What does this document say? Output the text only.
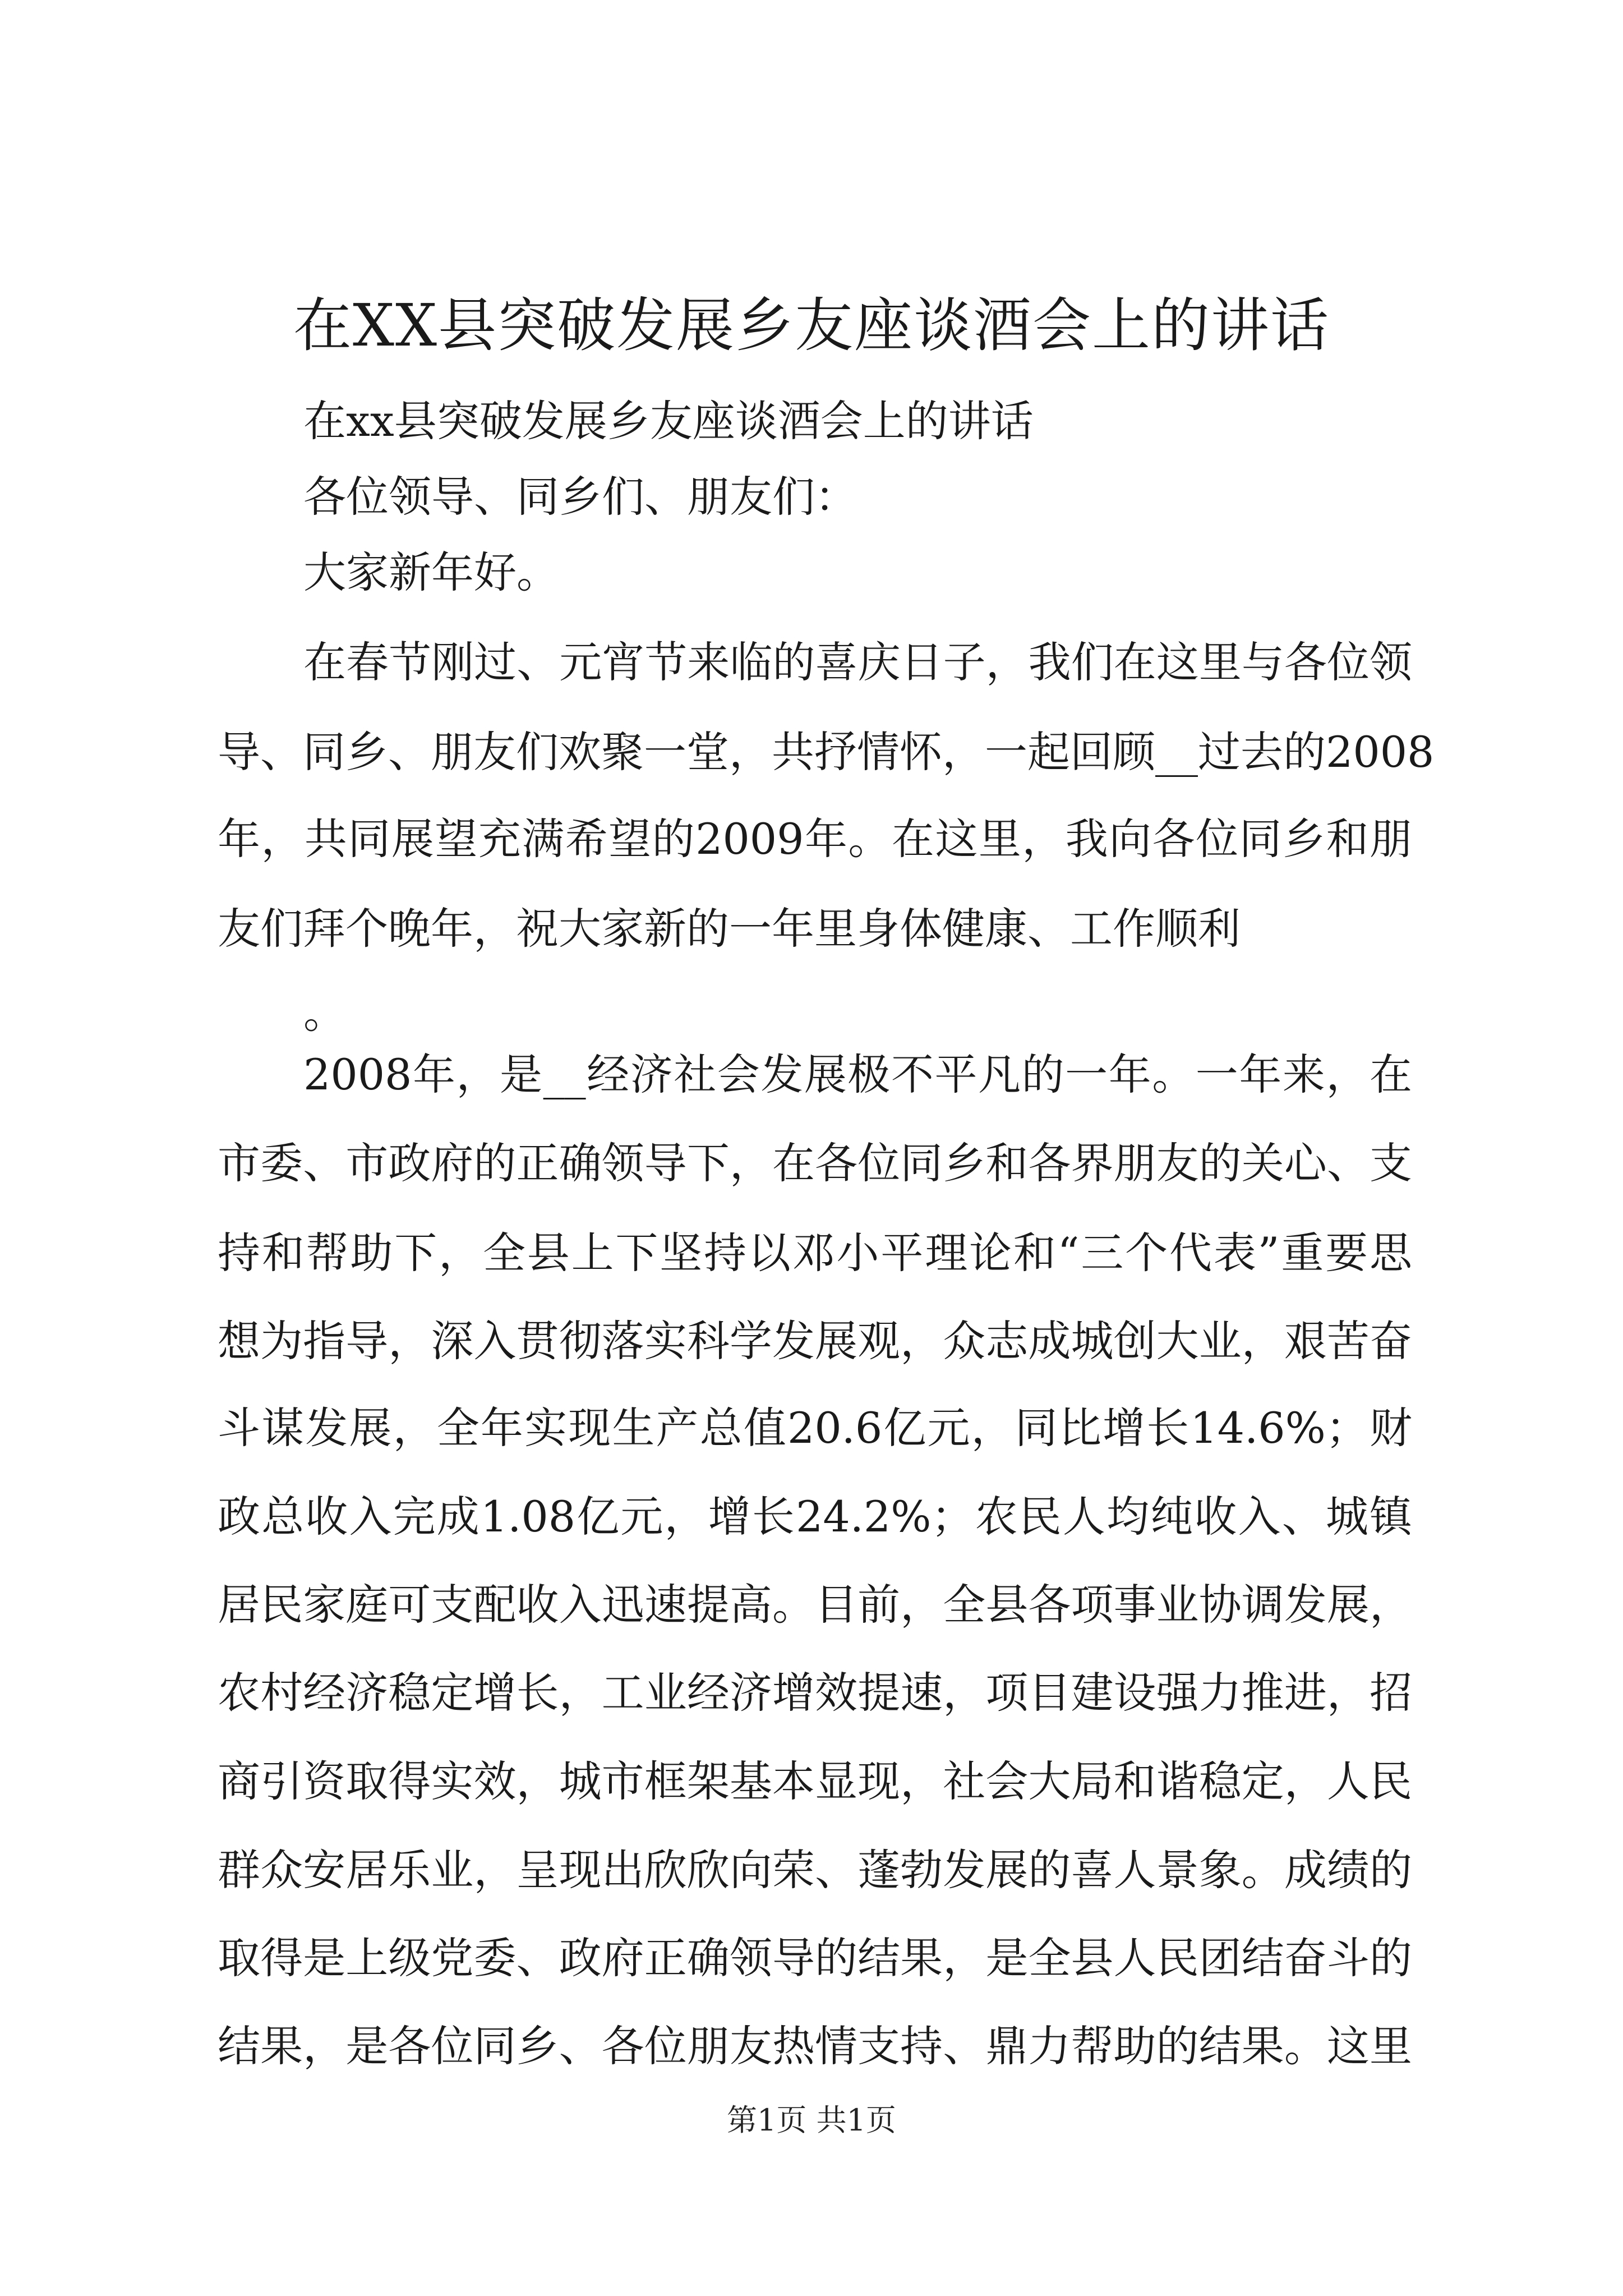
在XX县突破发展乡友座谈酒会上的讲话

在xx县突破发展乡友座谈酒会上的讲话

各位领导、同乡们、朋友们：

大家新年好。

在春节刚过、元宵节来临的喜庆日子，我们在这里与各位领

导、同乡、朋友们欢聚一堂，共抒情怀，一起回顾__过去的2008

年，共同展望充满希望的2009年。在这里，我向各位同乡和朋

友们拜个晚年，祝大家新的一年里身体健康、工作顺利

。

2008年，是__经济社会发展极不平凡的一年。一年来，在

市委、市政府的正确领导下，在各位同乡和各界朋友的关心、支

持和帮助下，全县上下坚持以邓小平理论和“三个代表”重要思

想为指导，深入贯彻落实科学发展观，众志成城创大业，艰苦奋

斗谋发展，全年实现生产总值20.6亿元，同比增长14.6%；财

政总收入完成1.08亿元，增长24.2%；农民人均纯收入、城镇

居民家庭可支配收入迅速提高。目前，全县各项事业协调发展，

农村经济稳定增长，工业经济增效提速，项目建设强力推进，招

商引资取得实效，城市框架基本显现，社会大局和谐稳定，人民

群众安居乐业，呈现出欣欣向荣、蓬勃发展的喜人景象。成绩的

取得是上级党委、政府正确领导的结果，是全县人民团结奋斗的

结果，是各位同乡、各位朋友热情支持、鼎力帮助的结果。这里

第1页 共1页
